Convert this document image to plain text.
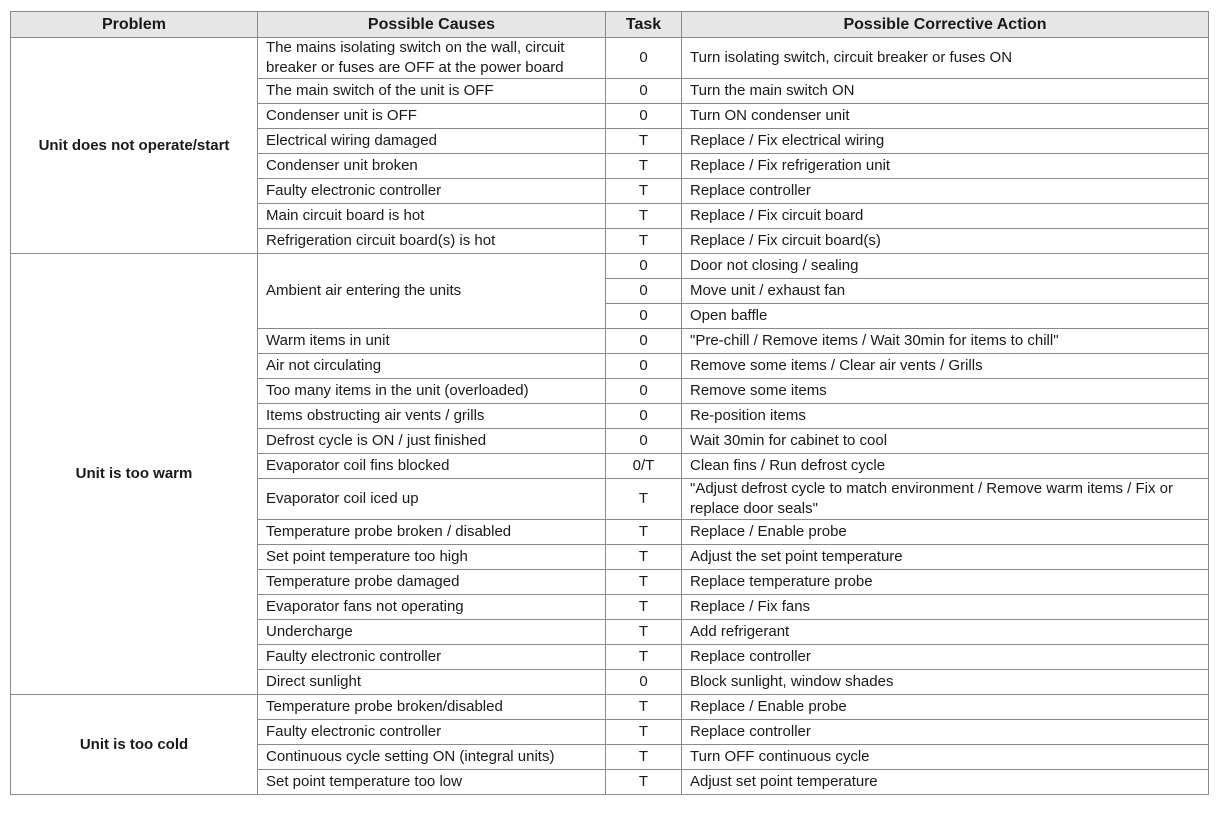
Problem	Possible Causes	Task	Possible Corrective Action
Unit does not operate/start	The mains isolating switch on the wall, circuit breaker or fuses are OFF at the power board	0	Turn isolating switch, circuit breaker or fuses ON
	The main switch of the unit is OFF	0	Turn the main switch ON
	Condenser unit is OFF	0	Turn ON condenser unit
	Electrical wiring damaged	T	Replace / Fix electrical wiring
	Condenser unit broken	T	Replace / Fix refrigeration unit
	Faulty electronic controller	T	Replace controller
	Main circuit board is hot	T	Replace / Fix circuit board
	Refrigeration circuit board(s) is hot	T	Replace / Fix circuit board(s)
Unit is too warm	Ambient air entering the units	0	Door not closing / sealing
		0	Move unit / exhaust fan
		0	Open baffle
	Warm items in unit	0	"Pre-chill / Remove items / Wait 30min for items to chill"
	Air not circulating	0	Remove some items / Clear air vents / Grills
	Too many items in the unit (overloaded)	0	Remove some items
	Items obstructing air vents / grills	0	Re-position items
	Defrost cycle is ON / just finished	0	Wait 30min for cabinet to cool
	Evaporator coil fins blocked	0/T	Clean fins / Run defrost cycle
	Evaporator coil iced up	T	"Adjust defrost cycle to match environment / Remove warm items / Fix or replace door seals"
	Temperature probe broken / disabled	T	Replace / Enable probe
	Set point temperature too high	T	Adjust the set point temperature
	Temperature probe damaged	T	Replace temperature probe
	Evaporator fans not operating	T	Replace / Fix fans
	Undercharge	T	Add refrigerant
	Faulty electronic controller	T	Replace controller
	Direct sunlight	0	Block sunlight, window shades
Unit is too cold	Temperature probe broken/disabled	T	Replace / Enable probe
	Faulty electronic controller	T	Replace controller
	Continuous cycle setting ON (integral units)	T	Turn OFF continuous cycle
	Set point temperature too low	T	Adjust set point temperature
